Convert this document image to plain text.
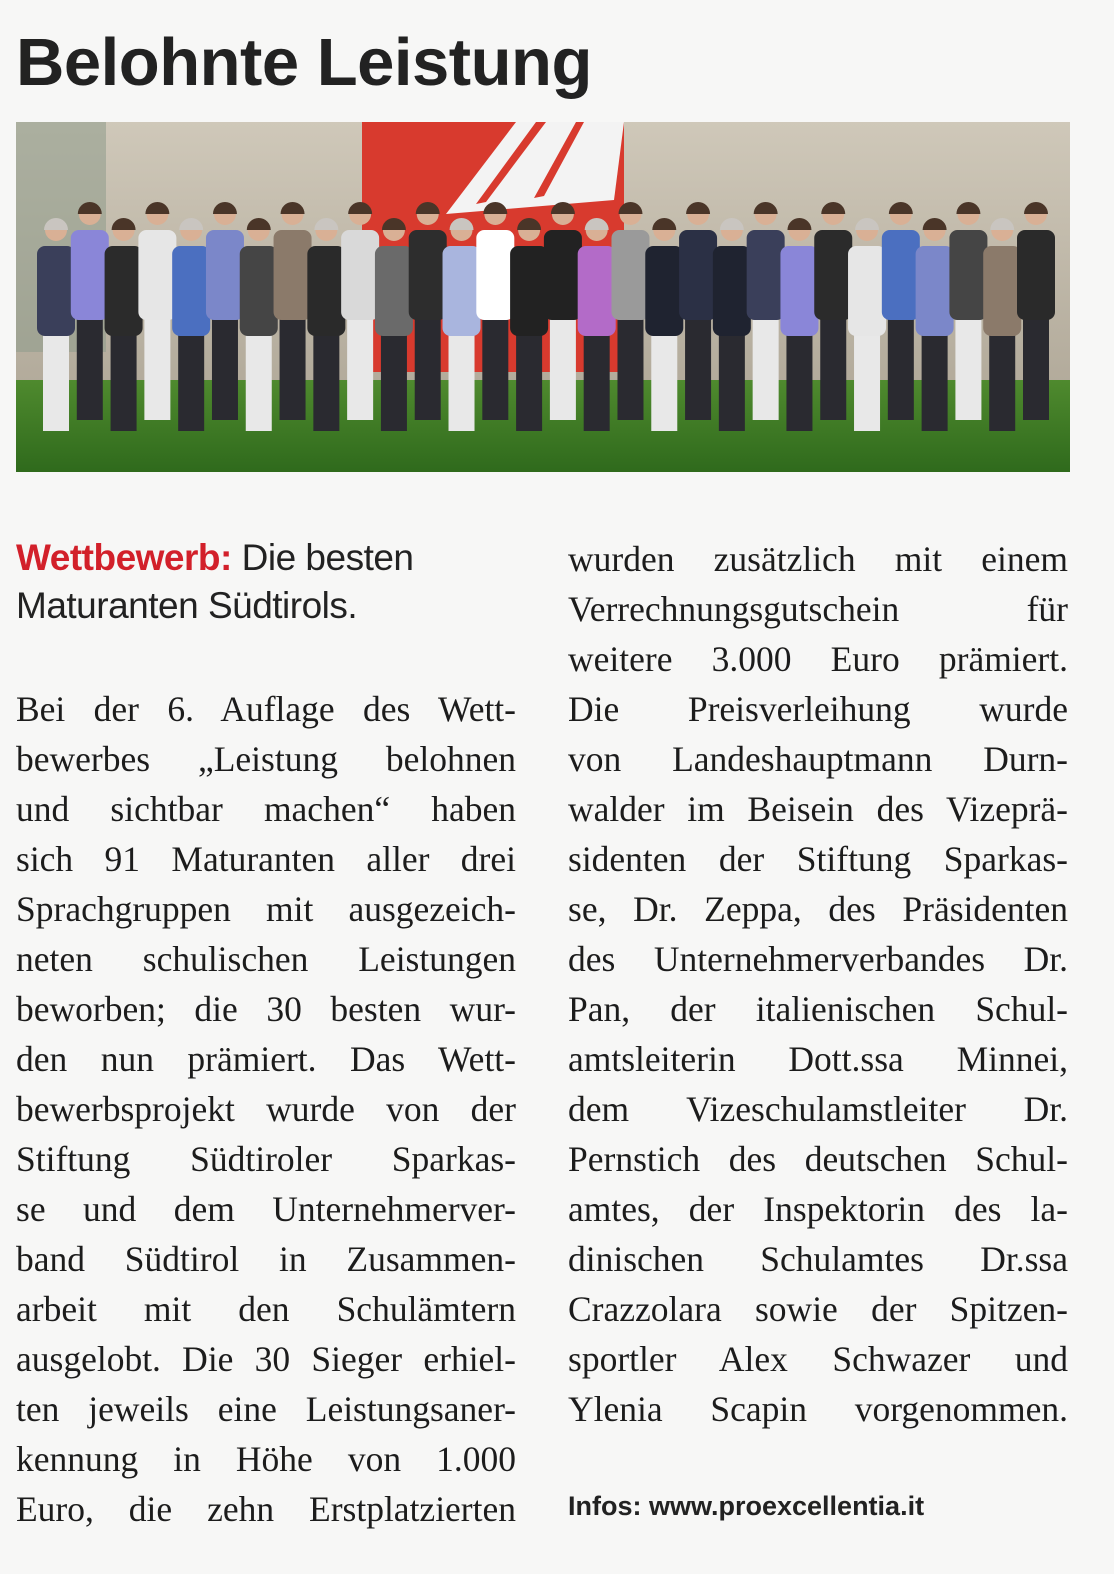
Belohnte Leistung
Wettbewerb: Die besten Maturanten Südtirols.
Bei der 6. Auflage des Wett-
bewerbes „Leistung belohnen
und sichtbar machen“ haben
sich 91 Maturanten aller drei
Sprachgruppen mit ausgezeich-
neten schulischen Leistungen
beworben; die 30 besten wur-
den nun prämiert. Das Wett-
bewerbsprojekt wurde von der
Stiftung Südtiroler Sparkas-
se und dem Unternehmerver-
band Südtirol in Zusammen-
arbeit mit den Schulämtern
ausgelobt. Die 30 Sieger erhiel-
ten jeweils eine Leistungsaner-
kennung in Höhe von 1.000
Euro, die zehn Erstplatzierten
wurden zusätzlich mit einem
Verrechnungsgutschein für
weitere 3.000 Euro prämiert.
Die Preisverleihung wurde
von Landeshauptmann Durn-
walder im Beisein des Vizeprä-
sidenten der Stiftung Sparkas-
se, Dr. Zeppa, des Präsidenten
des Unternehmerverbandes Dr.
Pan, der italienischen Schul-
amtsleiterin Dott.ssa Minnei,
dem Vizeschulamstleiter Dr.
Pernstich des deutschen Schul-
amtes, der Inspektorin des la-
dinischen Schulamtes Dr.ssa
Crazzolara sowie der Spitzen-
sportler Alex Schwazer und
Ylenia Scapin vorgenommen.
Infos: www.proexcellentia.it
